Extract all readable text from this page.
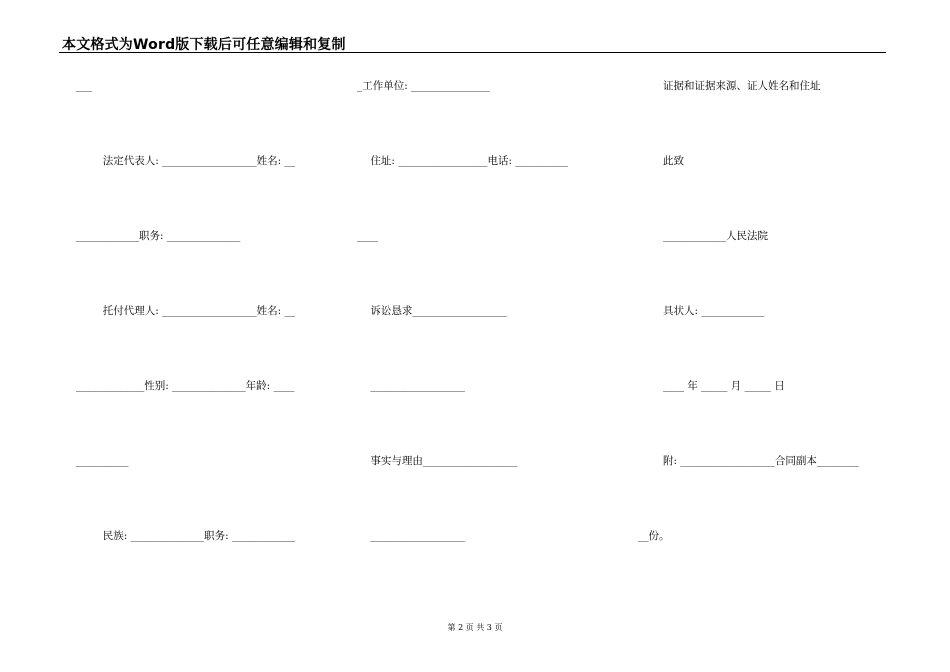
本文格式为Word版下载后可任意编辑和复制
___
法定代表人: __________________姓名: __
____________职务: ______________
托付代理人: __________________姓名: __
_____________性别: ______________年龄: ____
__________
民族: ______________职务: ____________
_工作单位: _______________
住址: _________________电话: __________
____
诉讼恳求__________________
__________________
事实与理由__________________
__________________
证据和证据来源、证人姓名和住址
此致
____________人民法院
具状人: ____________
____ 年 _____ 月 _____ 日
附: __________________合同副本________
__份。
第 2 页 共 3 页
